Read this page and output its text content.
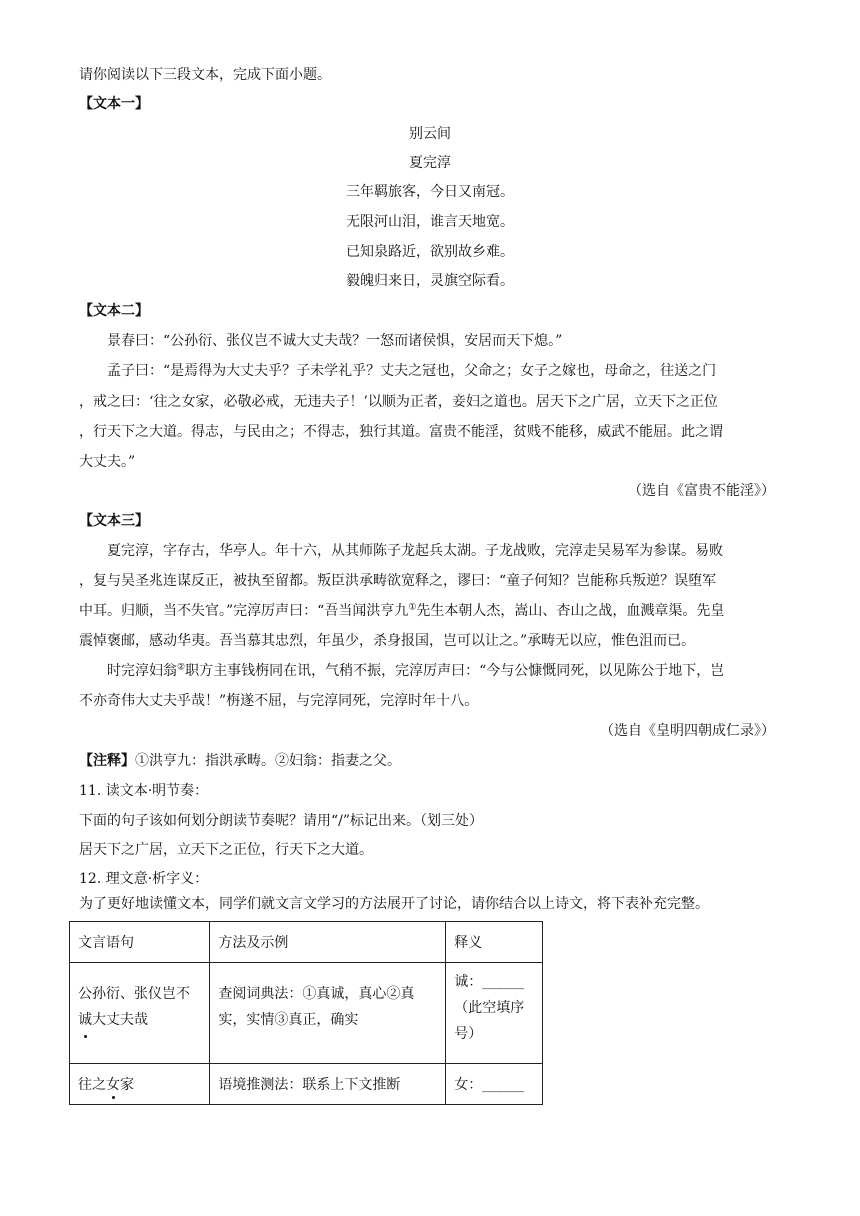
请你阅读以下三段文本，完成下面小题。
【文本一】
别云间
夏完淳
三年羁旅客，今日又南冠。
无限河山泪，谁言天地宽。
已知泉路近，欲别故乡难。
毅魄归来日，灵旗空际看。
【文本二】
景春曰：“公孙衍、张仪岂不诚大丈夫哉？一怒而诸侯惧，安居而天下熄。”
孟子曰：“是焉得为大丈夫乎？子未学礼乎？丈夫之冠也，父命之；女子之嫁也，母命之，往送之门
，戒之曰：‘往之女家，必敬必戒，无违夫子！’以顺为正者，妾妇之道也。居天下之广居，立天下之正位
，行天下之大道。得志，与民由之；不得志，独行其道。富贵不能淫，贫贱不能移，威武不能屈。此之谓
大丈夫。”
（选自《富贵不能淫》）
【文本三】
夏完淳，字存古，华亭人。年十六，从其师陈子龙起兵太湖。子龙战败，完淳走吴易军为参谋。易败
，复与吴圣兆连谋反正，被执至留都。叛臣洪承畴欲宽释之，谬曰：“童子何知？岂能称兵叛逆？误堕军
中耳。归顺，当不失官。”完淳厉声曰：“吾当闻洪亨九①先生本朝人杰，嵩山、杏山之战，血溅章渠。先皇
震悼褒邮，感动华夷。吾当慕其忠烈，年虽少，杀身报国，岂可以让之。”承畴无以应，惟色沮而已。
时完淳妇翁②职方主事钱栴同在讯，气稍不振，完淳厉声曰：“今与公慷慨同死，以见陈公于地下，岂
不亦奇伟大丈夫乎哉！”栴遂不屈，与完淳同死，完淳时年十八。
（选自《皇明四朝成仁录》）
【注释】①洪亨九：指洪承畴。②妇翁：指妻之父。
11. 读文本·明节奏：
下面的句子该如何划分朗读节奏呢？请用“/”标记出来。（划三处）
居天下之广居，立天下之正位，行天下之大道。
12. 理文意·析字义：
为了更好地读懂文本，同学们就文言文学习的方法展开了讨论，请你结合以上诗文，将下表补充完整。
文言语句	方法及示例	释义

公孙衍、张仪岂不诚大丈夫哉	查阅词典法：①真诚，真心②真实，实情③真正，确实	诚：______（此空填序号）

往之女家	语境推测法：联系上下文推断	女：______
